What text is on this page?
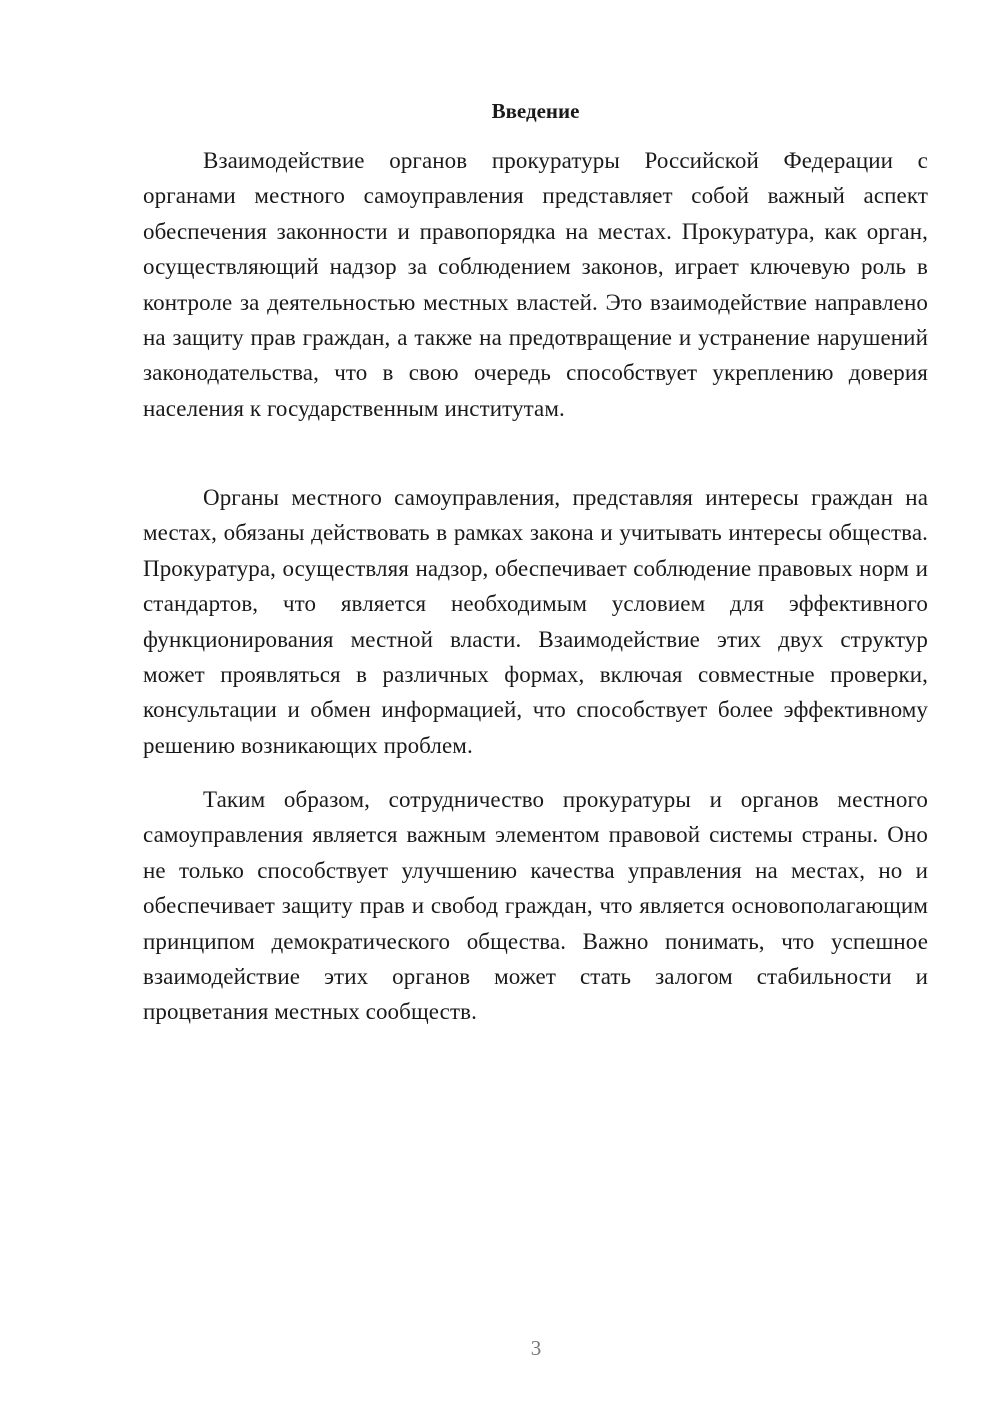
Введение

Взаимодействие органов прокуратуры Российской Федерации с органами местного самоуправления представляет собой важный аспект обеспечения законности и правопорядка на местах. Прокуратура, как орган, осуществляющий надзор за соблюдением законов, играет ключевую роль в контроле за деятельностью местных властей. Это взаимодействие направлено на защиту прав граждан, а также на предотвращение и устранение нарушений законодательства, что в свою очередь способствует укреплению доверия населения к государственным институтам.

Органы местного самоуправления, представляя интересы граждан на местах, обязаны действовать в рамках закона и учитывать интересы общества. Прокуратура, осуществляя надзор, обеспечивает соблюдение правовых норм и стандартов, что является необходимым условием для эффективного функционирования местной власти. Взаимодействие этих двух структур может проявляться в различных формах, включая совместные проверки, консультации и обмен информацией, что способствует более эффективному решению возникающих проблем.

Таким образом, сотрудничество прокуратуры и органов местного самоуправления является важным элементом правовой системы страны. Оно не только способствует улучшению качества управления на местах, но и обеспечивает защиту прав и свобод граждан, что является основополагающим принципом демократического общества. Важно понимать, что успешное взаимодействие этих органов может стать залогом стабильности и процветания местных сообществ.

3
